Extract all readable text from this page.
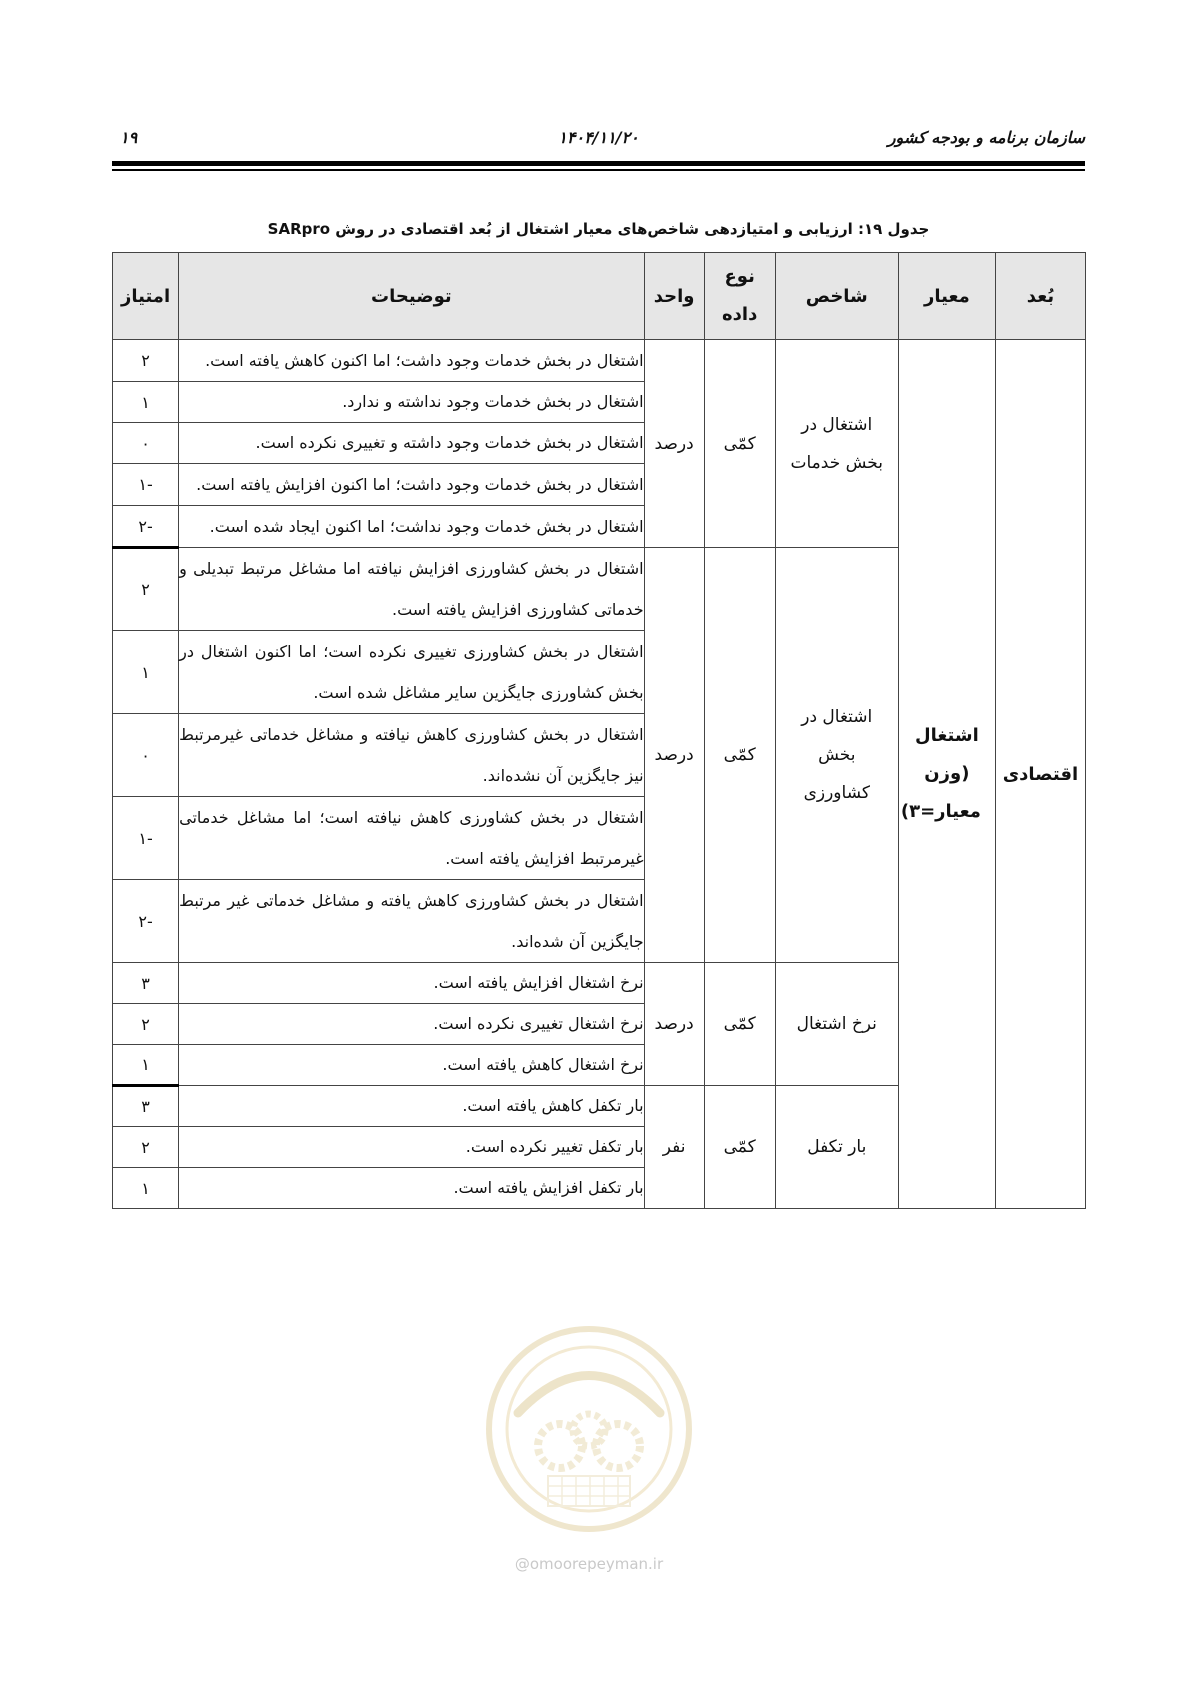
سازمان برنامه و بودجه کشور
۱۴۰۴/۱۱/۲۰
۱۹
جدول ۱۹: ارزیابی و امتیازدهی شاخص‌های معیار اشتغال از بُعد اقتصادی در روش SARpro
بُعد	معیار	شاخص	نوع داده	واحد	توضیحات	امتیاز
اقتصادی	اشتغال (وزن معیار=۳)	اشتغال در بخش خدمات	کمّی	درصد	اشتغال در بخش خدمات وجود داشت؛ اما اکنون کاهش یافته است.	۲
					اشتغال در بخش خدمات وجود نداشته و ندارد.	۱
					اشتغال در بخش خدمات وجود داشته و تغییری نکرده است.	۰
					اشتغال در بخش خدمات وجود داشت؛ اما اکنون افزایش یافته است.	-۱
					اشتغال در بخش خدمات وجود نداشت؛ اما اکنون ایجاد شده است.	-۲
		اشتغال در بخش کشاورزی	کمّی	درصد	اشتغال در بخش کشاورزی افزایش نیافته اما مشاغل مرتبط تبدیلی و خدماتی کشاورزی افزایش یافته است.	۲
					اشتغال در بخش کشاورزی تغییری نکرده است؛ اما اکنون اشتغال در بخش کشاورزی جایگزین سایر مشاغل شده است.	۱
					اشتغال در بخش کشاورزی کاهش نیافته و مشاغل خدماتی غیرمرتبط نیز جایگزین آن نشده‌اند.	۰
					اشتغال در بخش کشاورزی کاهش نیافته است؛ اما مشاغل خدماتی غیرمرتبط افزایش یافته است.	-۱
					اشتغال در بخش کشاورزی کاهش یافته و مشاغل خدماتی غیر مرتبط جایگزین آن شده‌اند.	-۲
		نرخ اشتغال	کمّی	درصد	نرخ اشتغال افزایش یافته است.	۳
					نرخ اشتغال تغییری نکرده است.	۲
					نرخ اشتغال کاهش یافته است.	۱
		بار تکفل	کمّی	نفر	بار تکفل کاهش یافته است.	۳
					بار تکفل تغییر نکرده است.	۲
					بار تکفل افزایش یافته است.	۱
@omoorepeyman.ir
